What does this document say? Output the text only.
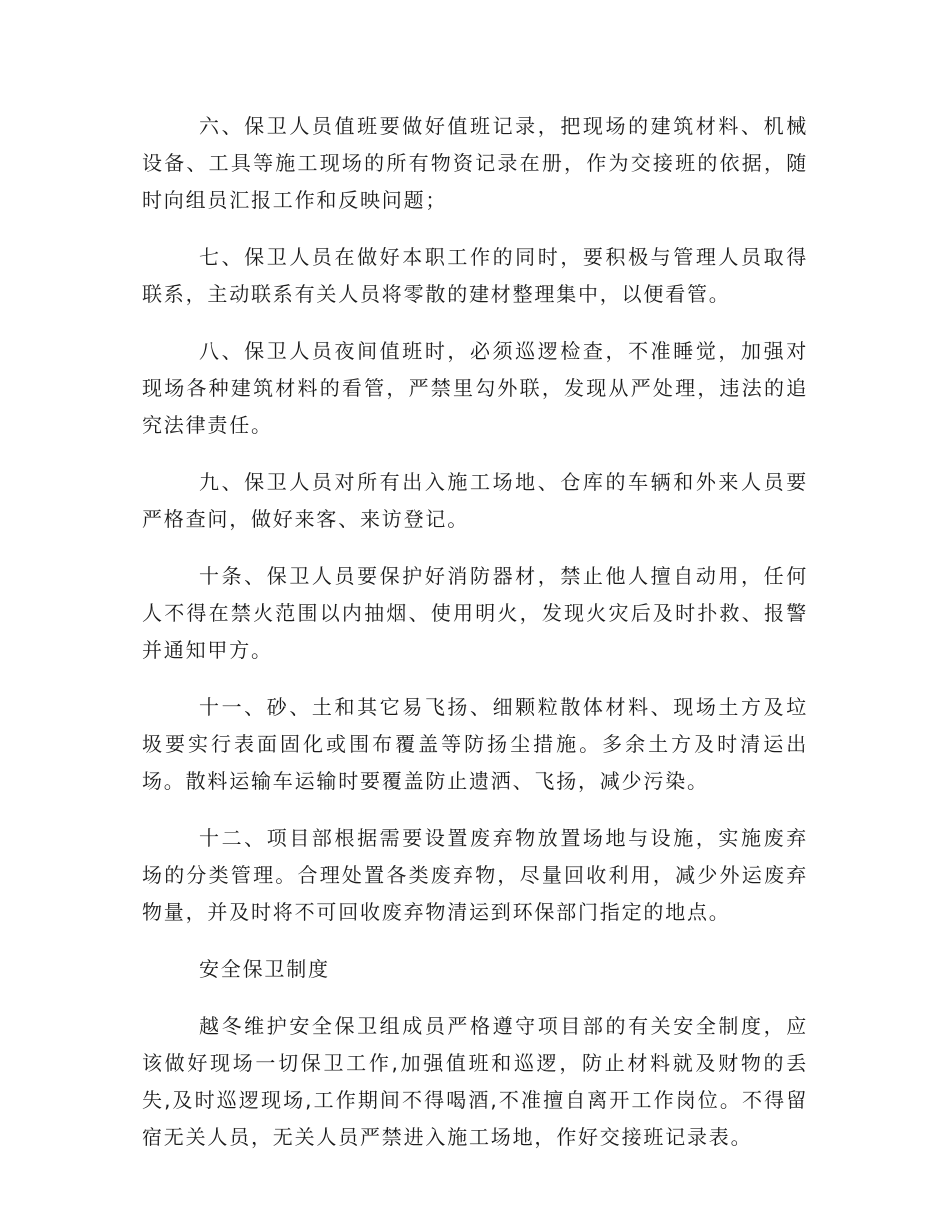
六、保卫人员值班要做好值班记录，把现场的建筑材料、机械设备、工具等施工现场的所有物资记录在册，作为交接班的依据，随时向组员汇报工作和反映问题；

七、保卫人员在做好本职工作的同时，要积极与管理人员取得联系，主动联系有关人员将零散的建材整理集中，以便看管。

八、保卫人员夜间值班时，必须巡逻检查，不准睡觉，加强对现场各种建筑材料的看管，严禁里勾外联，发现从严处理，违法的追究法律责任。

九、保卫人员对所有出入施工场地、仓库的车辆和外来人员要严格查问，做好来客、来访登记。

十条、保卫人员要保护好消防器材，禁止他人擅自动用，任何人不得在禁火范围以内抽烟、使用明火，发现火灾后及时扑救、报警并通知甲方。

十一、砂、土和其它易飞扬、细颗粒散体材料、现场土方及垃圾要实行表面固化或围布覆盖等防扬尘措施。多余土方及时清运出场。散料运输车运输时要覆盖防止遗洒、飞扬，减少污染。

十二、项目部根据需要设置废弃物放置场地与设施，实施废弃场的分类管理。合理处置各类废弃物，尽量回收利用，减少外运废弃物量，并及时将不可回收废弃物清运到环保部门指定的地点。

安全保卫制度

越冬维护安全保卫组成员严格遵守项目部的有关安全制度，应该做好现场一切保卫工作,加强值班和巡逻，防止材料就及财物的丢失,及时巡逻现场,工作期间不得喝酒,不准擅自离开工作岗位。不得留宿无关人员，无关人员严禁进入施工场地，作好交接班记录表。
